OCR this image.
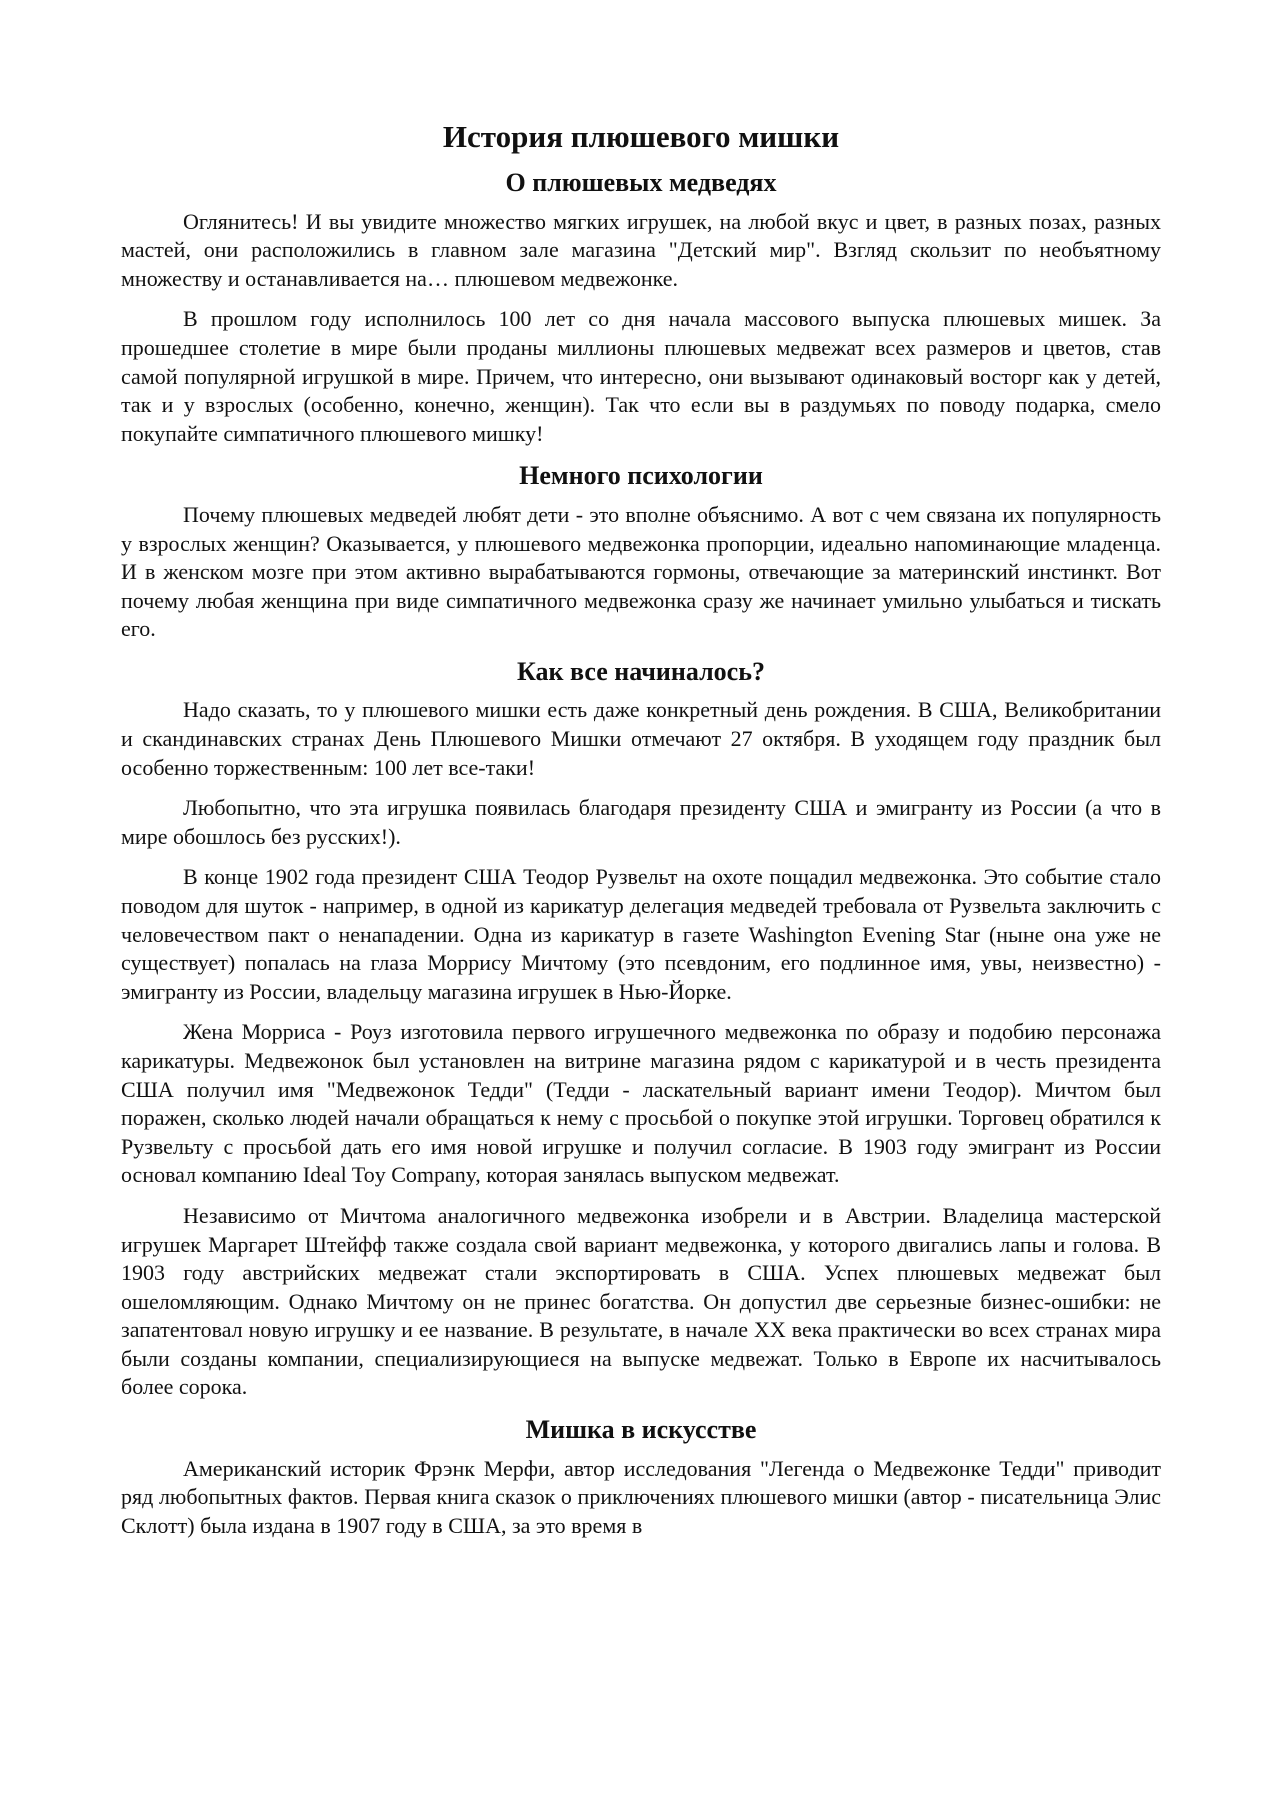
История плюшевого мишки
О плюшевых медведях

Оглянитесь! И вы увидите множество мягких игрушек, на любой вкус и цвет, в разных позах, разных мастей, они расположились в главном зале магазина "Детский мир". Взгляд скользит по необъятному множеству и останавливается на… плюшевом медвежонке.

В прошлом году исполнилось 100 лет со дня начала массового выпуска плюшевых мишек. За прошедшее столетие в мире были проданы миллионы плюшевых медвежат всех размеров и цветов, став самой популярной игрушкой в мире. Причем, что интересно, они вызывают одинаковый восторг как у детей, так и у взрослых (особенно, конечно, женщин). Так что если вы в раздумьях по поводу подарка, смело покупайте симпатичного плюшевого мишку!

Немного психологии

Почему плюшевых медведей любят дети - это вполне объяснимо. А вот с чем связана их популярность у взрослых женщин? Оказывается, у плюшевого медвежонка пропорции, идеально напоминающие младенца. И в женском мозге при этом активно вырабатываются гормоны, отвечающие за материнский инстинкт. Вот почему любая женщина при виде симпатичного медвежонка сразу же начинает умильно улыбаться и тискать его.

Как все начиналось?

Надо сказать, то у плюшевого мишки есть даже конкретный день рождения. В США, Великобритании и скандинавских странах День Плюшевого Мишки отмечают 27 октября. В уходящем году праздник был особенно торжественным: 100 лет все-таки!

Любопытно, что эта игрушка появилась благодаря президенту США и эмигранту из России (а что в мире обошлось без русских!).

В конце 1902 года президент США Теодор Рузвельт на охоте пощадил медвежонка. Это событие стало поводом для шуток - например, в одной из карикатур делегация медведей требовала от Рузвельта заключить с человечеством пакт о ненападении. Одна из карикатур в газете Washington Evening Star (ныне она уже не существует) попалась на глаза Моррису Мичтому (это псевдоним, его подлинное имя, увы, неизвестно) - эмигранту из России, владельцу магазина игрушек в Нью-Йорке.

Жена Морриса - Роуз изготовила первого игрушечного медвежонка по образу и подобию персонажа карикатуры. Медвежонок был установлен на витрине магазина рядом с карикатурой и в честь президента США получил имя "Медвежонок Тедди" (Тедди - ласкательный вариант имени Теодор). Мичтом был поражен, сколько людей начали обращаться к нему с просьбой о покупке этой игрушки. Торговец обратился к Рузвельту с просьбой дать его имя новой игрушке и получил согласие. В 1903 году эмигрант из России основал компанию Ideal Toy Company, которая занялась выпуском медвежат.

Независимо от Мичтома аналогичного медвежонка изобрели и в Австрии. Владелица мастерской игрушек Маргарет Штейфф также создала свой вариант медвежонка, у которого двигались лапы и голова. В 1903 году австрийских медвежат стали экспортировать в США. Успех плюшевых медвежат был ошеломляющим. Однако Мичтому он не принес богатства. Он допустил две серьезные бизнес-ошибки: не запатентовал новую игрушку и ее название. В результате, в начале XX века практически во всех странах мира были созданы компании, специализирующиеся на выпуске медвежат. Только в Европе их насчитывалось более сорока.

Мишка в искусстве

Американский историк Фрэнк Мерфи, автор исследования "Легенда о Медвежонке Тедди" приводит ряд любопытных фактов. Первая книга сказок о приключениях плюшевого мишки (автор - писательница Элис Склотт) была издана в 1907 году в США, за это время в
